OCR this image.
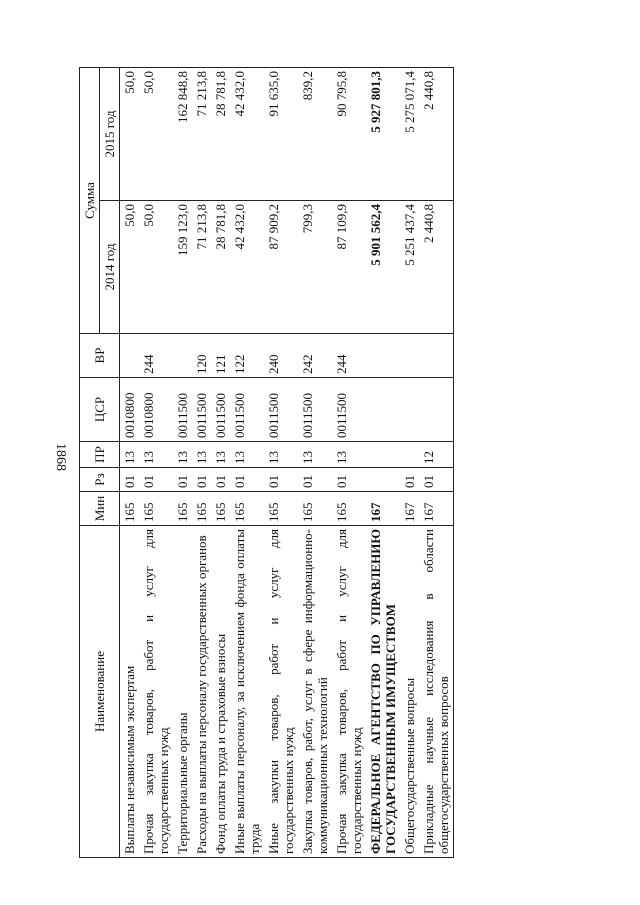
1868
Наименование	Мин	Рз	ПР	ЦСР	ВР	Сумма	
						2014 год	2015 год
Выплаты независимым экспертам	165	01	13	0010800		50,0	50,0
Прочая закупка товаров, работ и услуг для государственных нужд	165	01	13	0010800	244	50,0	50,0
Территориальные органы	165	01	13	0011500		159 123,0	162 848,8
Расходы на выплаты персоналу государственных органов	165	01	13	0011500	120	71 213,8	71 213,8
Фонд оплаты труда и страховые взносы	165	01	13	0011500	121	28 781,8	28 781,8
Иные выплаты персоналу, за исключением фонда оплаты труда	165	01	13	0011500	122	42 432,0	42 432,0
Иные закупки товаров, работ и услуг для государственных нужд	165	01	13	0011500	240	87 909,2	91 635,0
Закупка товаров, работ, услуг в сфере информационно-коммуникационных технологий	165	01	13	0011500	242	799,3	839,2
Прочая закупка товаров, работ и услуг для государственных нужд	165	01	13	0011500	244	87 109,9	90 795,8
ФЕДЕРАЛЬНОЕ АГЕНТСТВО ПО УПРАВЛЕНИЮ ГОСУДАРСТВЕННЫМ ИМУЩЕСТВОМ	167					5 901 562,4	5 927 801,3
Общегосударственные вопросы	167	01				5 251 437,4	5 275 071,4
Прикладные научные исследования в области общегосударственных вопросов	167	01	12			2 440,8	2 440,8
